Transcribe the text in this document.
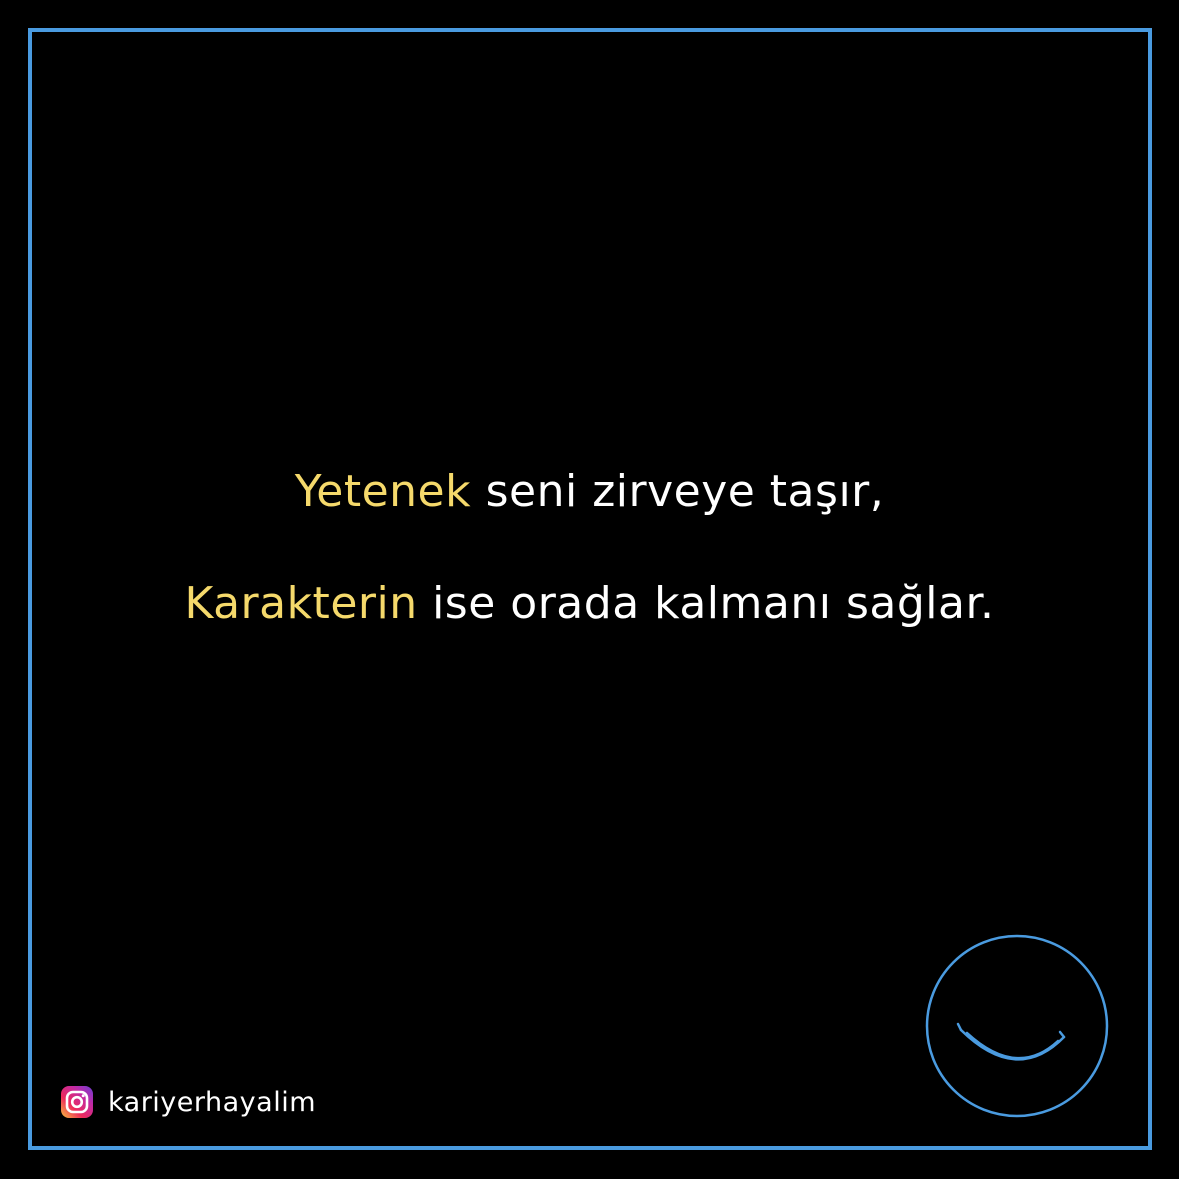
Yetenek seni zirveye taşır,
Karakterin ise orada kalmanı sağlar.
kariyerhayalim
